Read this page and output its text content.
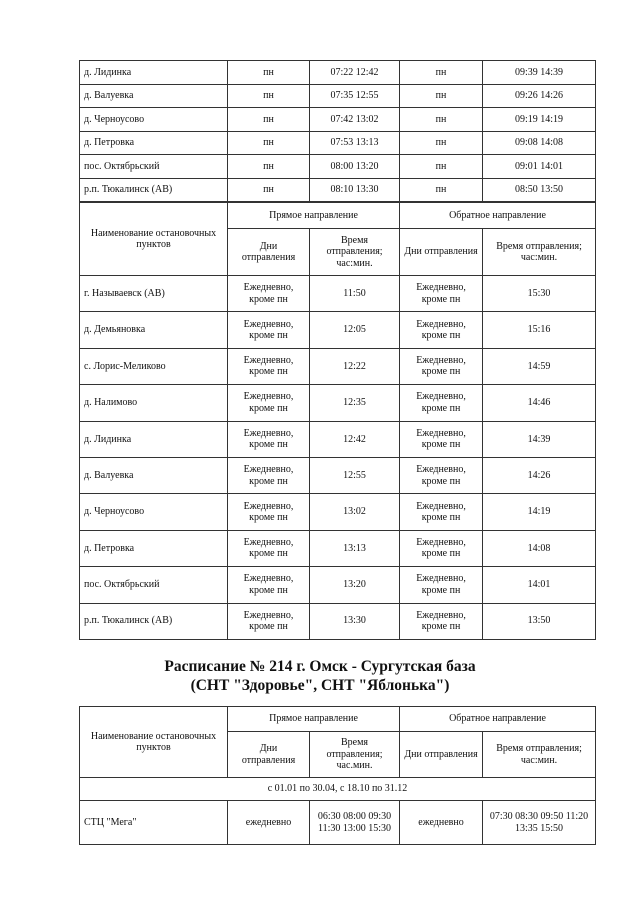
д. Лидинка	пн	07:22 12:42	пн	09:39 14:39
д. Валуевка	пн	07:35 12:55	пн	09:26 14:26
д. Черноусово	пн	07:42 13:02	пн	09:19 14:19
д. Петровка	пн	07:53 13:13	пн	09:08 14:08
пос. Октябрьский	пн	08:00 13:20	пн	09:01 14:01
р.п. Тюкалинск (АВ)	пн	08:10 13:30	пн	08:50 13:50
Наименование остановочных пунктов	Прямое направление		Обратное направление	
	Дни отправления	Время отправления; час:мин.	Дни отправления	Время отправления; час:мин.
г. Называевск (АВ)	Ежедневно, кроме пн	11:50	Ежедневно, кроме пн	15:30
д. Демьяновка	Ежедневно, кроме пн	12:05	Ежедневно, кроме пн	15:16
с. Лорис-Меликово	Ежедневно, кроме пн	12:22	Ежедневно, кроме пн	14:59
д. Налимово	Ежедневно, кроме пн	12:35	Ежедневно, кроме пн	14:46
д. Лидинка	Ежедневно, кроме пн	12:42	Ежедневно, кроме пн	14:39
д. Валуевка	Ежедневно, кроме пн	12:55	Ежедневно, кроме пн	14:26
д. Черноусово	Ежедневно, кроме пн	13:02	Ежедневно, кроме пн	14:19
д. Петровка	Ежедневно, кроме пн	13:13	Ежедневно, кроме пн	14:08
пос. Октябрьский	Ежедневно, кроме пн	13:20	Ежедневно, кроме пн	14:01
р.п. Тюкалинск (АВ)	Ежедневно, кроме пн	13:30	Ежедневно, кроме пн	13:50
Расписание № 214 г. Омск - Сургутская база
(СНТ "Здоровье", СНТ "Яблонька")
Наименование остановочных пунктов	Прямое направление		Обратное направление	
	Дни отправления	Время отправления; час.мин.	Дни отправления	Время отправления; час:мин.
с 01.01 по 30.04, с 18.10 по 31.12				
СТЦ "Мега"	ежедневно	06:30 08:00 09:30 11:30 13:00 15:30	ежедневно	07:30 08:30 09:50 11:20 13:35 15:50
